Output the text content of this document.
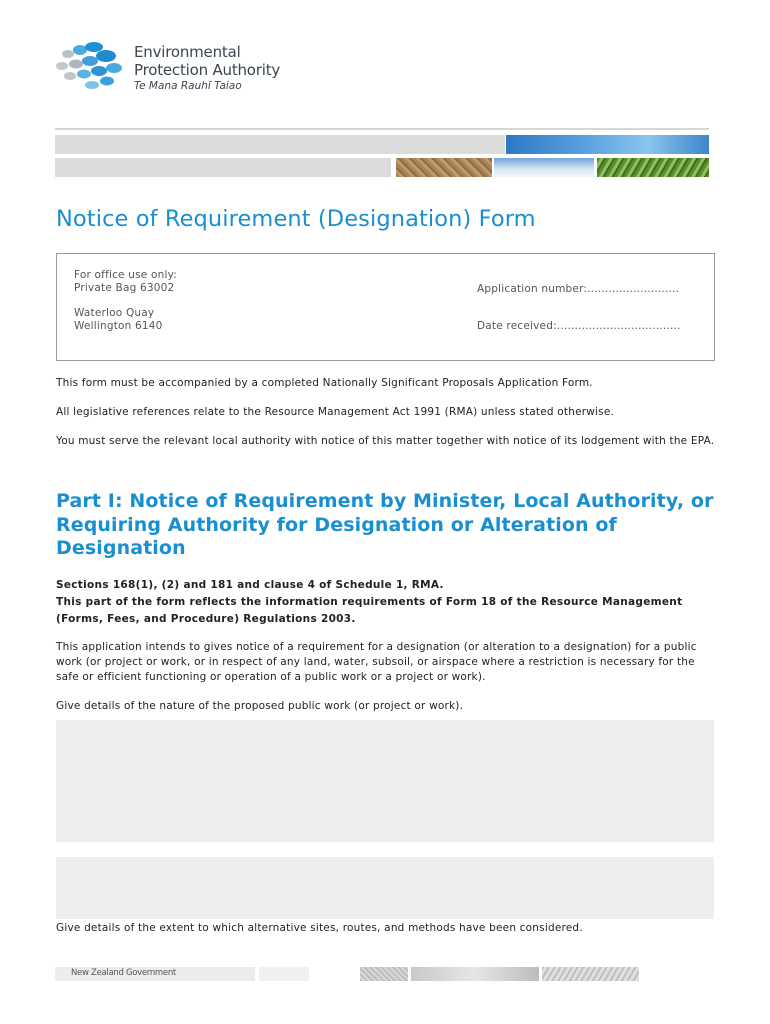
Environmental
Protection Authority
Te Mana Rauhī Taiao
Notice of Requirement (Designation) Form
For office use only:
Private Bag 63002
Waterloo Quay
Wellington 6140
Application number:..........................
Date received:...................................

This form must be accompanied by a completed Nationally Significant Proposals Application Form.

All legislative references relate to the Resource Management Act 1991 (RMA) unless stated otherwise.

You must serve the relevant local authority with notice of this matter together with notice of its lodgement with the EPA.

Part I: Notice of Requirement by Minister, Local Authority, or Requiring Authority for Designation or Alteration of Designation
Sections 168(1), (2) and 181 and clause 4 of Schedule 1, RMA.
This part of the form reflects the information requirements of Form 18 of the Resource Management (Forms, Fees, and Procedure) Regulations 2003.

This application intends to gives notice of a requirement for a designation (or alteration to a designation) for a public work (or project or work, or in respect of any land, water, subsoil, or airspace where a restriction is necessary for the safe or efficient functioning or operation of a public work or a project or work).

Give details of the nature of the proposed public work (or project or work).

Give details of the extent to which alternative sites, routes, and methods have been considered.

New Zealand Government
